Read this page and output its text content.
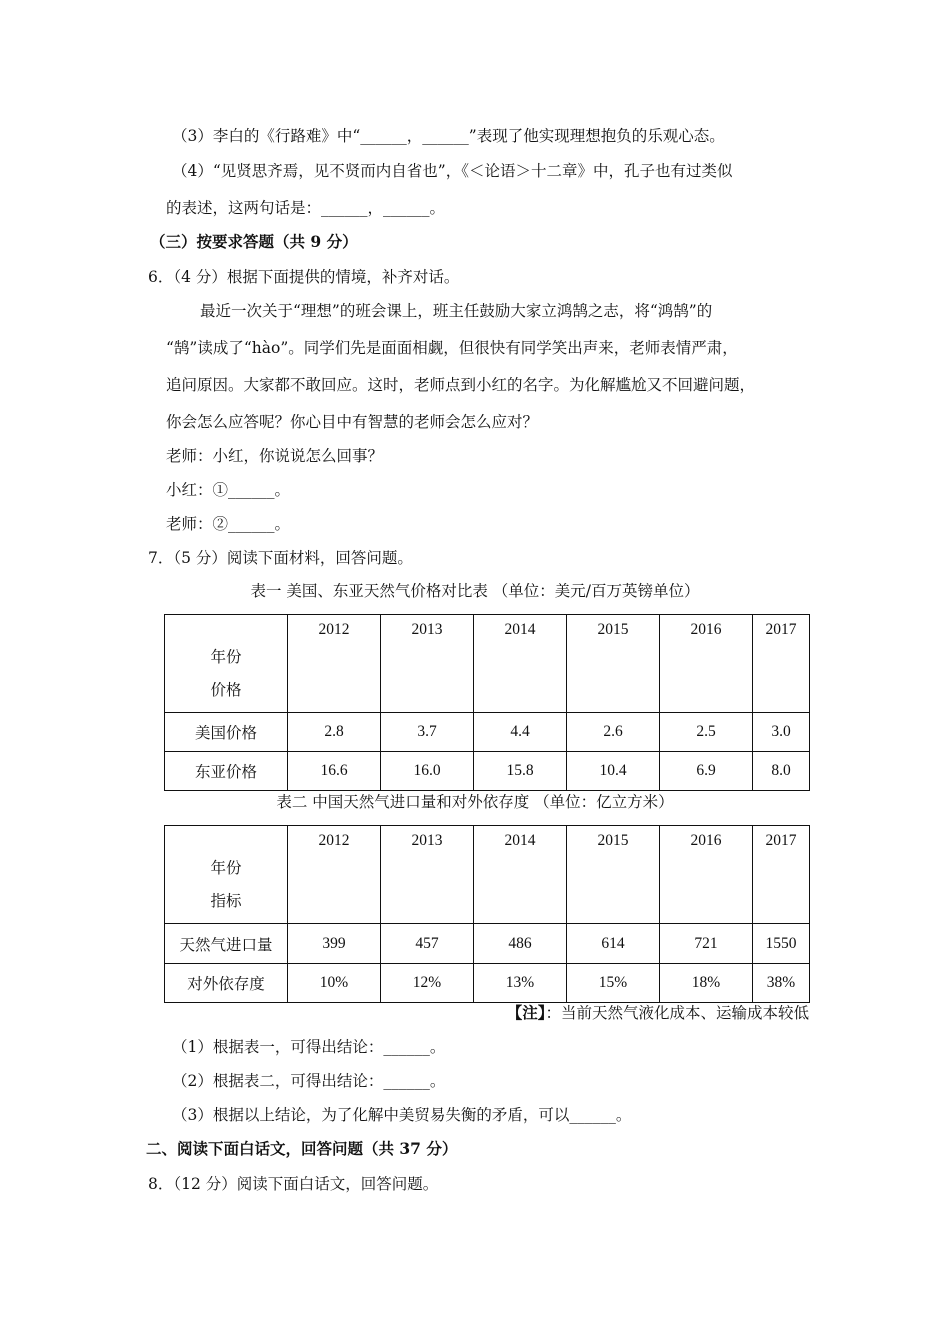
（3）李白的《行路难》中“______，______”表现了他实现理想抱负的乐观心态。
（4）“见贤思齐焉，见不贤而内自省也”，《＜论语＞十二章》中，孔子也有过类似
的表述，这两句话是：______，______。
（三）按要求答题（共 9 分）
6．（4 分）根据下面提供的情境，补齐对话。
最近一次关于“理想”的班会课上，班主任鼓励大家立鸿鹄之志，将“鸿鹄”的
“鹄”读成了“hào”。同学们先是面面相觑，但很快有同学笑出声来，老师表情严肃，
追问原因。大家都不敢回应。这时，老师点到小红的名字。为化解尴尬又不回避问题，
你会怎么应答呢？你心目中有智慧的老师会怎么应对？
老师：小红，你说说怎么回事？
小红：①______。
老师：②______。
7．（5 分）阅读下面材料，回答问题。
表一 美国、东亚天然气价格对比表 （单位：美元/百万英镑单位）
年份
价格	2012	2013	2014	2015	2016	2017
美国价格	2.8	3.7	4.4	2.6	2.5	3.0
东亚价格	16.6	16.0	15.8	10.4	6.9	8.0
表二 中国天然气进口量和对外依存度 （单位：亿立方米）
年份
指标	2012	2013	2014	2015	2016	2017
天然气进口量	399	457	486	614	721	1550
对外依存度	10%	12%	13%	15%	18%	38%
【注】：当前天然气液化成本、运输成本较低
（1）根据表一，可得出结论：______。
（2）根据表二，可得出结论：______。
（3）根据以上结论，为了化解中美贸易失衡的矛盾，可以______。
二、阅读下面白话文，回答问题（共 37 分）
8．（12 分）阅读下面白话文，回答问题。
